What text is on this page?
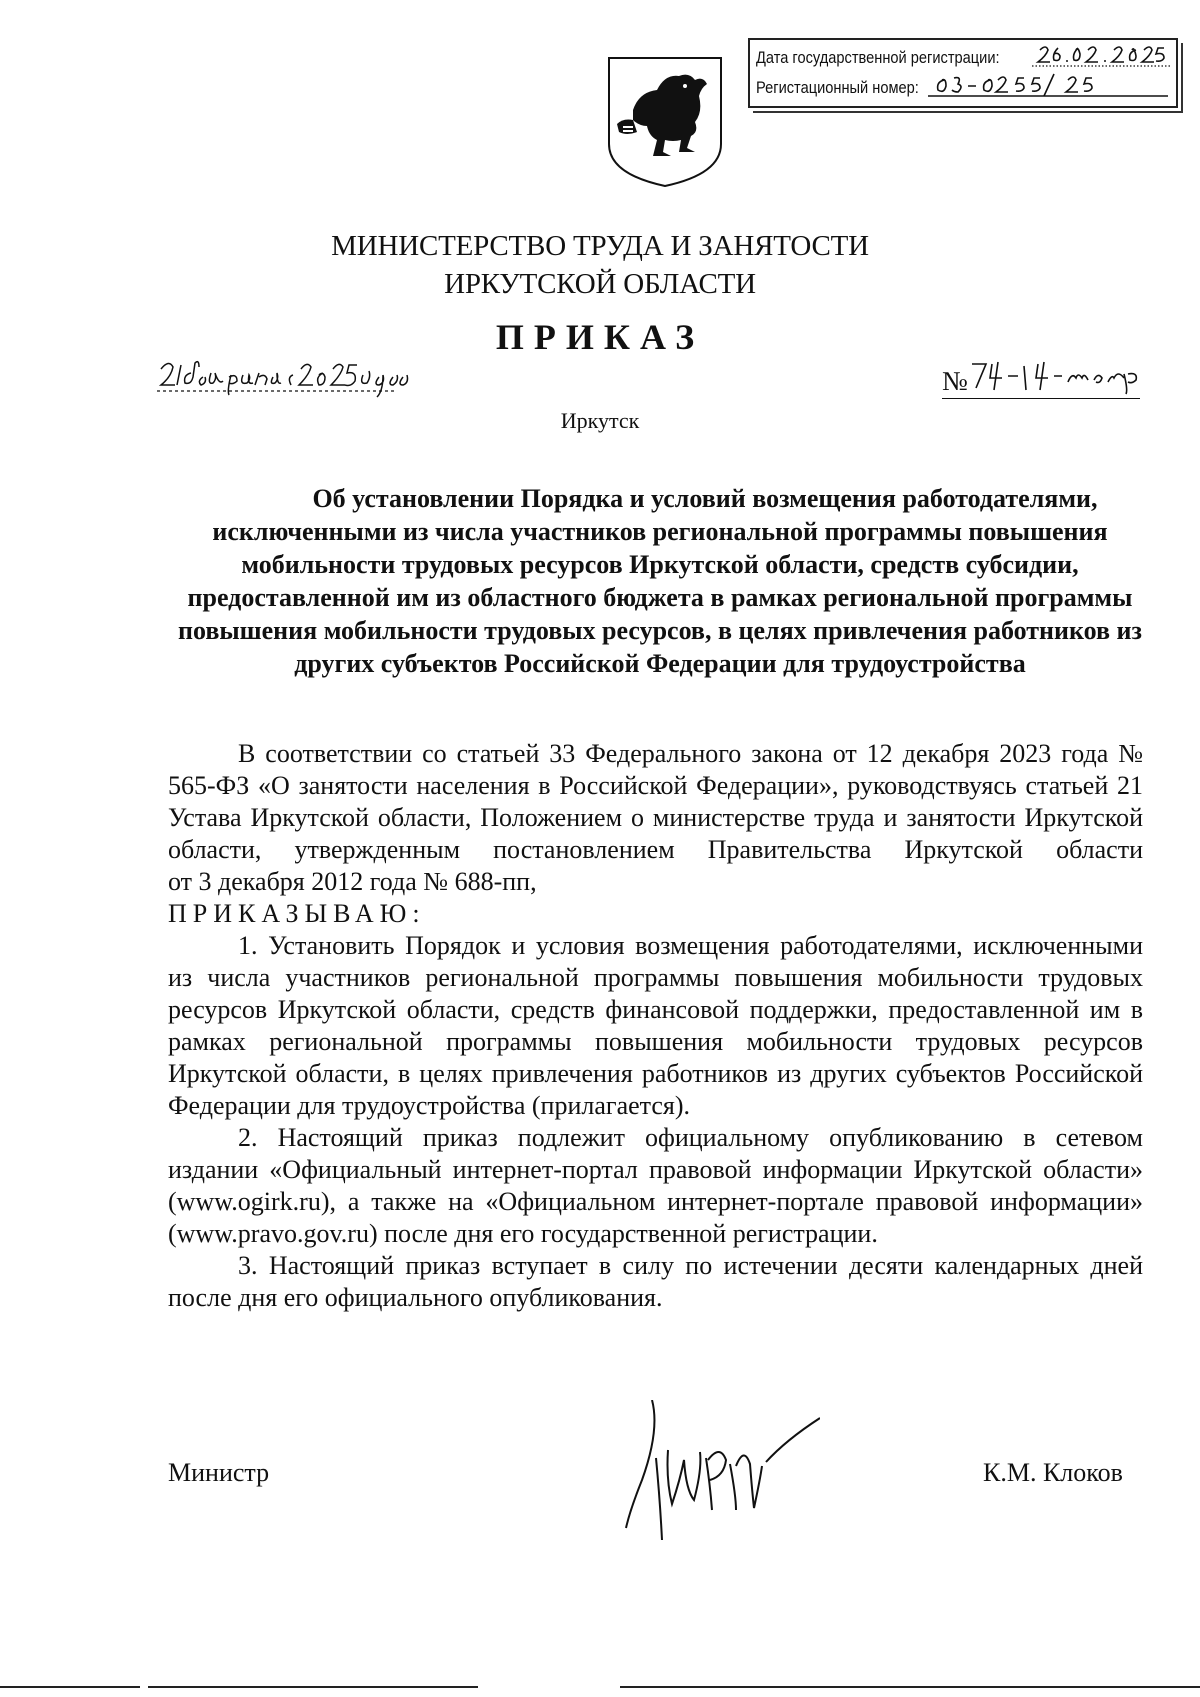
Дата государственной регистрации:
Регистационный номер:
МИНИСТЕРСТВО ТРУДА И ЗАНЯТОСТИ
ИРКУТСКОЙ ОБЛАСТИ
ПРИКАЗ
№
Иркутск
Об установлении Порядка и условий возмещения работодателями, исключенными из числа участников региональной программы повышения мобильности трудовых ресурсов Иркутской области, средств субсидии, предоставленной им из областного бюджета в рамках региональной программы повышения мобильности трудовых ресурсов, в целях привлечения работников из других субъектов Российской Федерации для трудоустройства

В соответствии со статьей 33 Федерального закона от 12 декабря 2023 года № 565-ФЗ «О занятости населения в Российской Федерации», руководствуясь статьей 21 Устава Иркутской области, Положением о министерстве труда и занятости Иркутской области, утвержденным постановлением Правительства Иркутской области

от 3 декабря 2012 года № 688-пп,

ПРИКАЗЫВАЮ:

1. Установить Порядок и условия возмещения работодателями, исключенными из числа участников региональной программы повышения мобильности трудовых ресурсов Иркутской области, средств финансовой поддержки, предоставленной им в рамках региональной программы повышения мобильности трудовых ресурсов Иркутской области, в целях привлечения работников из других субъектов Российской Федерации для трудоустройства (прилагается).

2. Настоящий приказ подлежит официальному опубликованию в сетевом издании «Официальный интернет-портал правовой информации Иркутской области» (www.ogirk.ru), а также на «Официальном интернет-портале правовой информации» (www.pravo.gov.ru) после дня его государственной регистрации.

3. Настоящий приказ вступает в силу по истечении десяти календарных дней после дня его официального опубликования.

Министр	К.М. Клоков
